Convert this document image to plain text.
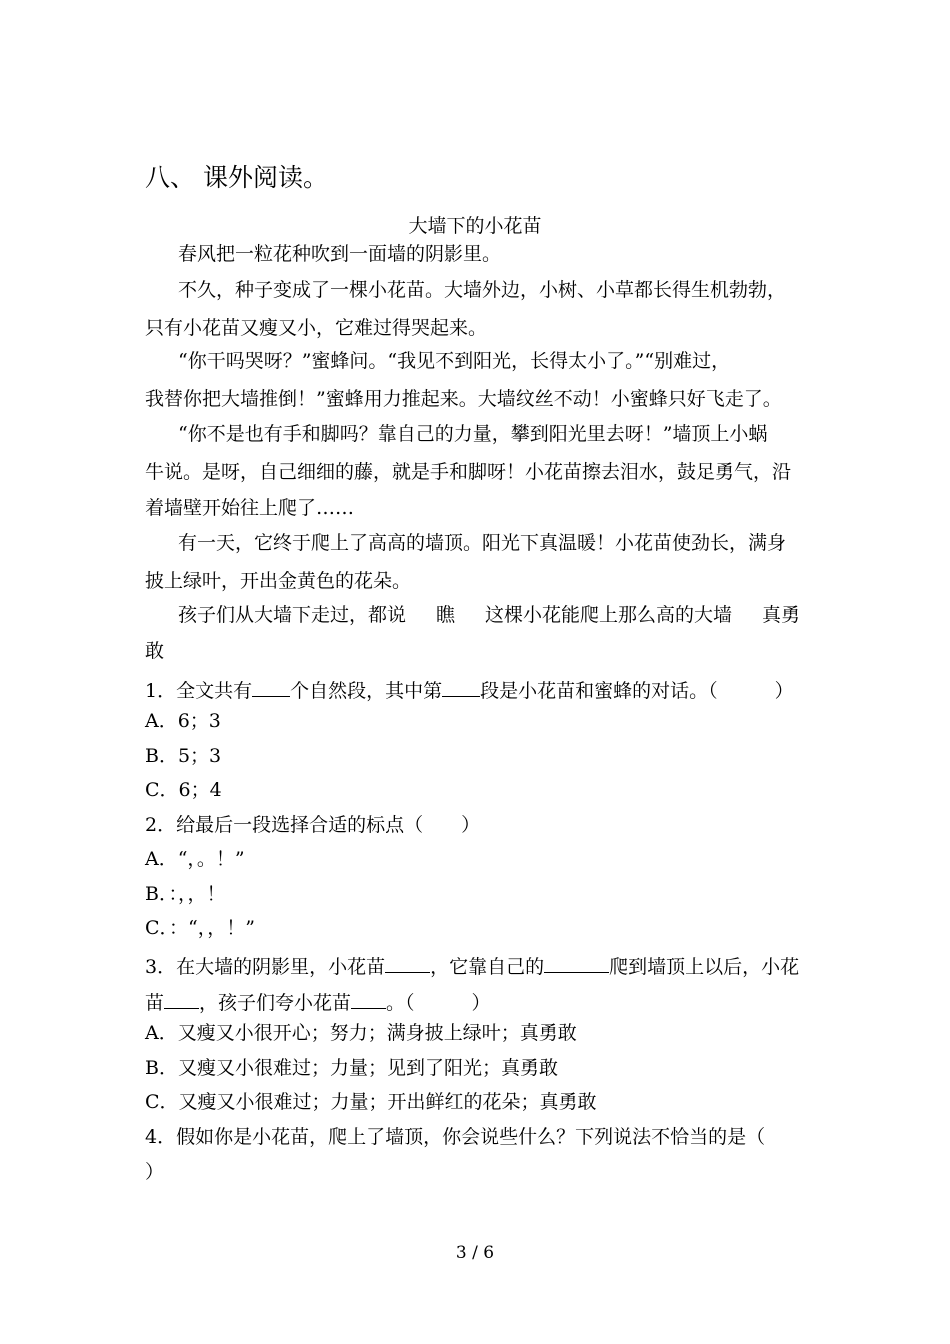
八、 课外阅读。
大墙下的小花苗
春风把一粒花种吹到一面墙的阴影里。
不久，种子变成了一棵小花苗。大墙外边，小树、小草都长得生机勃勃，
只有小花苗又瘦又小，它难过得哭起来。
“你干吗哭呀？”蜜蜂问。“我见不到阳光，长得太小了。”“别难过，
我替你把大墙推倒！”蜜蜂用力推起来。大墙纹丝不动！小蜜蜂只好飞走了。
“你不是也有手和脚吗？靠自己的力量，攀到阳光里去呀！”墙顶上小蜗
牛说。是呀，自己细细的藤，就是手和脚呀！小花苗擦去泪水，鼓足勇气，沿
着墙壁开始往上爬了……
有一天，它终于爬上了高高的墙顶。阳光下真温暖！小花苗使劲长，满身
披上绿叶，开出金黄色的花朵。
孩子们从大墙下走过，都说 瞧 这棵小花能爬上那么高的大墙 真勇
敢
1．全文共有 个自然段，其中第 段是小花苗和蜜蜂的对话。（　　　）
A．6；3
B．5；3
C．6；4
2．给最后一段选择合适的标点（　　）
A．“，。！”
B．：，，！
C．：“，，！”
3．在大墙的阴影里，小花苗 ，它靠自己的	爬到墙顶上以后，小花
苗 ，孩子们夸小花苗 。（　　　）
A．又瘦又小很开心；努力；满身披上绿叶；真勇敢
B．又瘦又小很难过；力量；见到了阳光；真勇敢
C．又瘦又小很难过；力量；开出鲜红的花朵；真勇敢
4．假如你是小花苗，爬上了墙顶，你会说些什么？下列说法不恰当的是（
）
3 / 6
